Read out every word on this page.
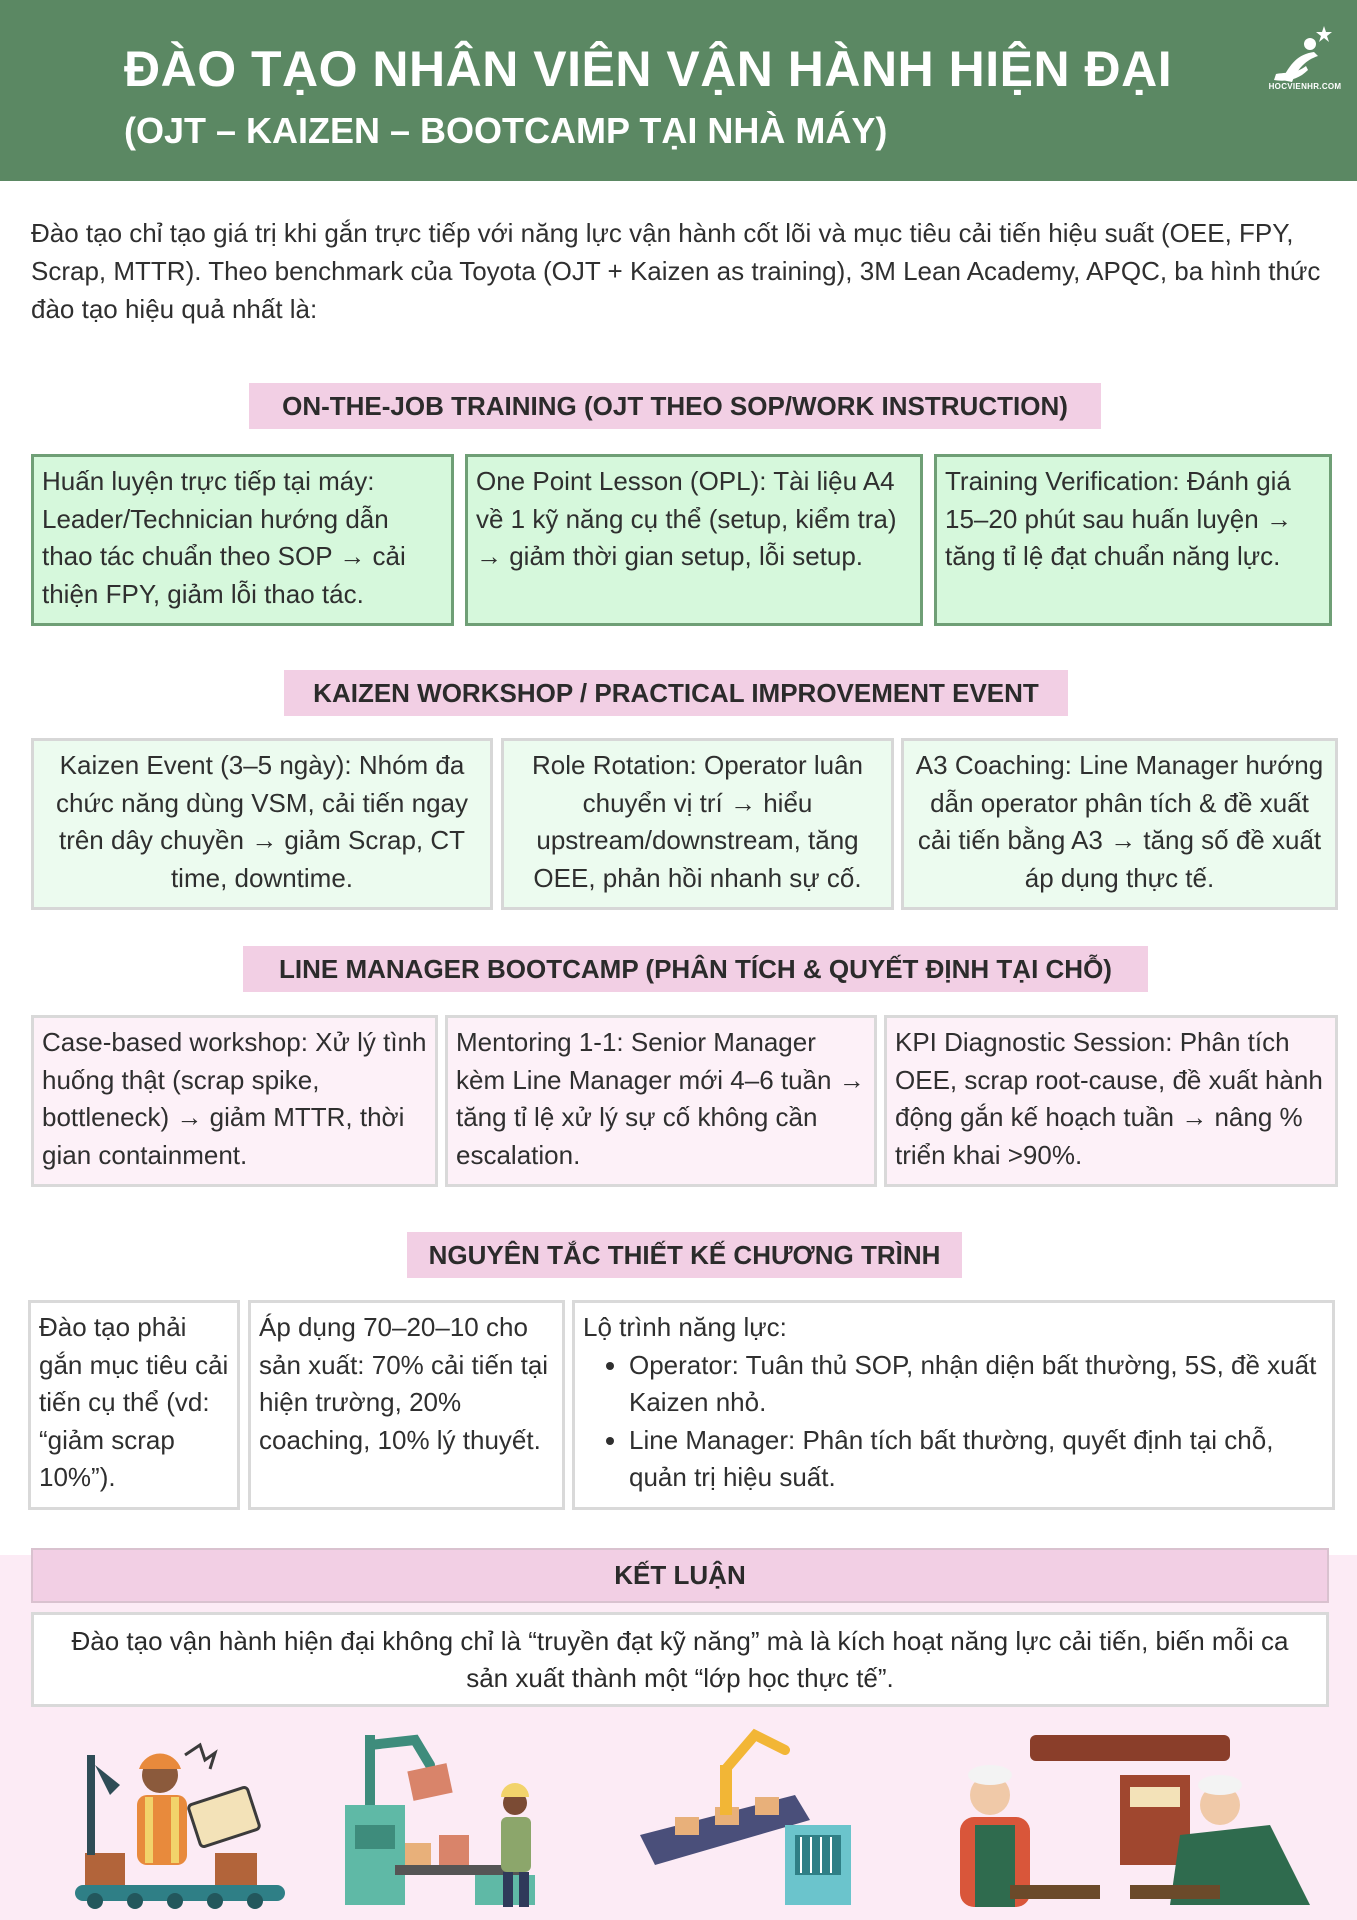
ĐÀO TẠO NHÂN VIÊN VẬN HÀNH HIỆN ĐẠI
(OJT – KAIZEN – BOOTCAMP TẠI NHÀ MÁY)
HOCVIENHR.COM
Đào tạo chỉ tạo giá trị khi gắn trực tiếp với năng lực vận hành cốt lõi và mục tiêu cải tiến hiệu suất (OEE, FPY, Scrap, MTTR). Theo benchmark của Toyota (OJT + Kaizen as training), 3M Lean Academy, APQC, ba hình thức đào tạo hiệu quả nhất là:
ON-THE-JOB TRAINING (OJT THEO SOP/WORK INSTRUCTION)
Huấn luyện trực tiếp tại máy: Leader/Technician hướng dẫn thao tác chuẩn theo SOP → cải thiện FPY, giảm lỗi thao tác.
One Point Lesson (OPL): Tài liệu A4 về 1 kỹ năng cụ thể (setup, kiểm tra) → giảm thời gian setup, lỗi setup.
Training Verification: Đánh giá 15–20 phút sau huấn luyện → tăng tỉ lệ đạt chuẩn năng lực.
KAIZEN WORKSHOP / PRACTICAL IMPROVEMENT EVENT
Kaizen Event (3–5 ngày): Nhóm đa chức năng dùng VSM, cải tiến ngay trên dây chuyền → giảm Scrap, CT time, downtime.
Role Rotation: Operator luân chuyển vị trí → hiểu upstream/downstream, tăng OEE, phản hồi nhanh sự cố.
A3 Coaching: Line Manager hướng dẫn operator phân tích & đề xuất cải tiến bằng A3 → tăng số đề xuất áp dụng thực tế.
LINE MANAGER BOOTCAMP (PHÂN TÍCH & QUYẾT ĐỊNH TẠI CHỖ)
Case-based workshop: Xử lý tình huống thật (scrap spike, bottleneck) → giảm MTTR, thời gian containment.
Mentoring 1-1: Senior Manager kèm Line Manager mới 4–6 tuần → tăng tỉ lệ xử lý sự cố không cần escalation.
KPI Diagnostic Session: Phân tích OEE, scrap root-cause, đề xuất hành động gắn kế hoạch tuần → nâng % triển khai >90%.
NGUYÊN TẮC THIẾT KẾ CHƯƠNG TRÌNH
Đào tạo phải gắn mục tiêu cải tiến cụ thể (vd: “giảm scrap 10%”).
Áp dụng 70–20–10 cho sản xuất: 70% cải tiến tại hiện trường, 20% coaching, 10% lý thuyết.
Lộ trình năng lực:
• Operator: Tuân thủ SOP, nhận diện bất thường, 5S, đề xuất Kaizen nhỏ.
• Line Manager: Phân tích bất thường, quyết định tại chỗ, quản trị hiệu suất.
KẾT LUẬN
Đào tạo vận hành hiện đại không chỉ là “truyền đạt kỹ năng” mà là kích hoạt năng lực cải tiến, biến mỗi ca sản xuất thành một “lớp học thực tế”.
